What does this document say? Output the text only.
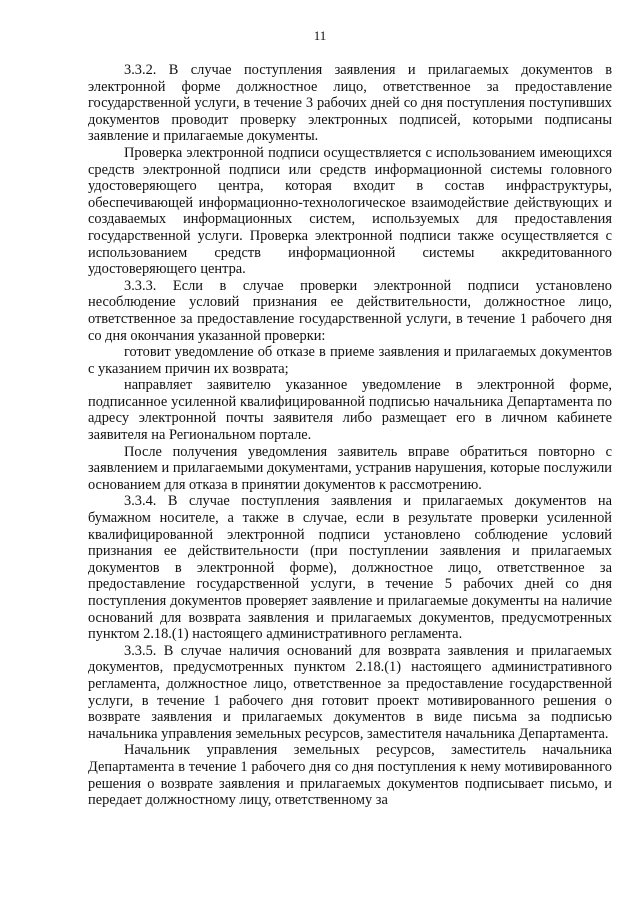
11

3.3.2. В случае поступления заявления и прилагаемых документов в электронной форме должностное лицо, ответственное за предоставление государственной услуги, в течение 3 рабочих дней со дня поступления поступивших документов проводит проверку электронных подписей, которыми подписаны заявление и прилагаемые документы.

Проверка электронной подписи осуществляется с использованием имеющихся средств электронной подписи или средств информационной системы головного удостоверяющего центра, которая входит в состав инфраструктуры, обеспечивающей информационно-технологическое взаимодействие действующих и создаваемых информационных систем, используемых для предоставления государственной услуги. Проверка электронной подписи также осуществляется с использованием средств информационной системы аккредитованного удостоверяющего центра.

3.3.3. Если в случае проверки электронной подписи установлено несоблюдение условий признания ее действительности, должностное лицо, ответственное за предоставление государственной услуги, в течение 1 рабочего дня со дня окончания указанной проверки:

готовит уведомление об отказе в приеме заявления и прилагаемых документов с указанием причин их возврата;

направляет заявителю указанное уведомление в электронной форме, подписанное усиленной квалифицированной подписью начальника Департамента по адресу электронной почты заявителя либо размещает его в личном кабинете заявителя на Региональном портале.

После получения уведомления заявитель вправе обратиться повторно с заявлением и прилагаемыми документами, устранив нарушения, которые послужили основанием для отказа в принятии документов к рассмотрению.

3.3.4. В случае поступления заявления и прилагаемых документов на бумажном носителе, а также в случае, если в результате проверки усиленной квалифицированной электронной подписи установлено соблюдение условий признания ее действительности (при поступлении заявления и прилагаемых документов в электронной форме), должностное лицо, ответственное за предоставление государственной услуги, в течение 5 рабочих дней со дня поступления документов проверяет заявление и прилагаемые документы на наличие оснований для возврата заявления и прилагаемых документов, предусмотренных пунктом 2.18.(1) настоящего административного регламента.

3.3.5. В случае наличия оснований для возврата заявления и прилагаемых документов, предусмотренных пунктом 2.18.(1) настоящего административного регламента, должностное лицо, ответственное за предоставление государственной услуги, в течение 1 рабочего дня готовит проект мотивированного решения о возврате заявления и прилагаемых документов в виде письма за подписью начальника управления земельных ресурсов, заместителя начальника Департамента.

Начальник управления земельных ресурсов, заместитель начальника Департамента в течение 1 рабочего дня со дня поступления к нему мотивированного решения о возврате заявления и прилагаемых документов подписывает письмо, и передает должностному лицу, ответственному за
